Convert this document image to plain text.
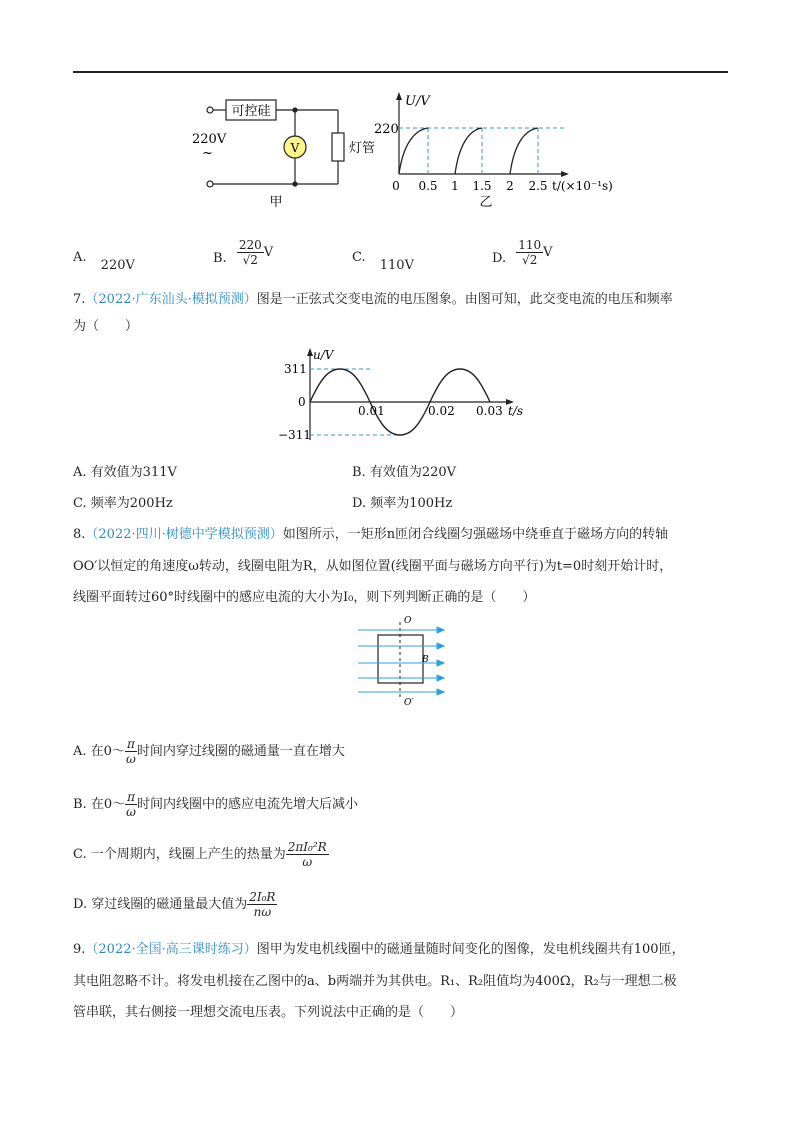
可控硅
V
220V
~	灯管
甲
U/V
220
0 0.5 1 1.5 2 2.5 t/(×10⁻¹s)
乙
A. 220V	B. $\frac{220}{√2}$ V	C. 110V	D. $\frac{110}{√2}$ V
7.（2022·广东汕头·模拟预测）图是一正弦式交变电流的电压图象。由图可知，此交变电流的电压和频率
为（　　）
u/V
311
0
−311
0.01	0.02 0.03 t/s
A. 有效值为311V	B. 有效值为220V
C. 频率为200Hz	D. 频率为100Hz
8.（2022·四川·树德中学模拟预测）如图所示，一矩形n匝闭合线圈匀强磁场中绕垂直于磁场方向的转轴
OO′以恒定的角速度ω转动，线圈电阻为R，从如图位置(线圈平面与磁场方向平行)为t=0时刻开始计时，
线圈平面转过60°时线圈中的感应电流的大小为I₀，则下列判断正确的是（　　）
O
O′
B
A. 在0～ $\frac{\pi}{\omega}$ 时间内穿过线圈的磁通量一直在增大
B. 在0～ $\frac{\pi}{\omega}$ 时间内线圈中的感应电流先增大后减小
C. 一个周期内，线圈上产生的热量为 $\frac{\text{2πI₀²R}}{\omega}$
D. 穿过线圈的磁通量最大值为 $\frac{\text{2I₀R}}{n\omega}$
9.（2022·全国·高三课时练习）图甲为发电机线圈中的磁通量随时间变化的图像，发电机线圈共有100匝，
其电阻忽略不计。将发电机接在乙图中的a、b两端并为其供电。R₁、R₂阻值均为400Ω，R₂与一理想二极
管串联，其右侧接一理想交流电压表。下列说法中正确的是（　　）
